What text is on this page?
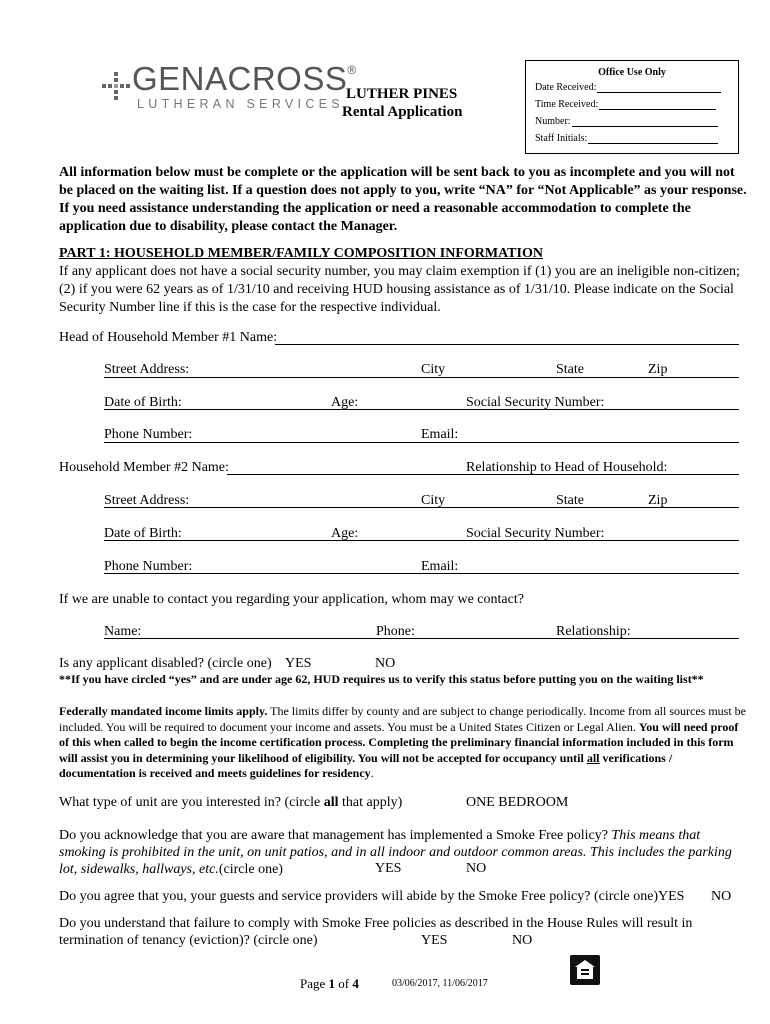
GENACROSS®
LUTHERAN SERVICES
LUTHER PINES
Rental Application
Office Use Only
Date Received:
Time Received:
Number:
Staff Initials:
All information below must be complete or the application will be sent back to you as incomplete and you will not be placed on the waiting list. If a question does not apply to you, write “NA” for “Not Applicable” as your response. If you need assistance understanding the application or need a reasonable accommodation to complete the application due to disability, please contact the Manager.
PART 1: HOUSEHOLD MEMBER/FAMILY COMPOSITION INFORMATION
If any applicant does not have a social security number, you may claim exemption if (1) you are an ineligible non-citizen; (2) if you were 62 years as of 1/31/10 and receiving HUD housing assistance as of 1/31/10. Please indicate on the Social Security Number line if this is the case for the respective individual.
Head of Household Member #1 Name:
Street Address:	City	State	Zip
Date of Birth:	Age:	Social Security Number:
Phone Number:	Email:
Household Member #2 Name:	Relationship to Head of Household:
Street Address:	City	State	Zip
Date of Birth:	Age:	Social Security Number:
Phone Number:	Email:
If we are unable to contact you regarding your application, whom may we contact?
Name:	Phone:	Relationship:
Is any applicant disabled? (circle one) YES	NO
**If you have circled “yes” and are under age 62, HUD requires us to verify this status before putting you on the waiting list**
Federally mandated income limits apply. The limits differ by county and are subject to change periodically. Income from all sources must be included. You will be required to document your income and assets. You must be a United States Citizen or Legal Alien. You will need proof of this when called to begin the income certification process. Completing the preliminary financial information included in this form will assist you in determining your likelihood of eligibility. You will not be accepted for occupancy until all verifications / documentation is received and meets guidelines for residency.
What type of unit are you interested in? (circle all that apply)	ONE BEDROOM
Do you acknowledge that you are aware that management has implemented a Smoke Free policy? This means that smoking is prohibited in the unit, on unit patios, and in all indoor and outdoor common areas. This includes the parking lot, sidewalks, hallways, etc.(circle one)	YES	NO
Do you agree that you, your guests and service providers will abide by the Smoke Free policy? (circle one) YES NO
Do you understand that failure to comply with Smoke Free policies as described in the House Rules will result in
termination of tenancy (eviction)? (circle one)	YES	NO
Page 1 of 4	03/06/2017, 11/06/2017
